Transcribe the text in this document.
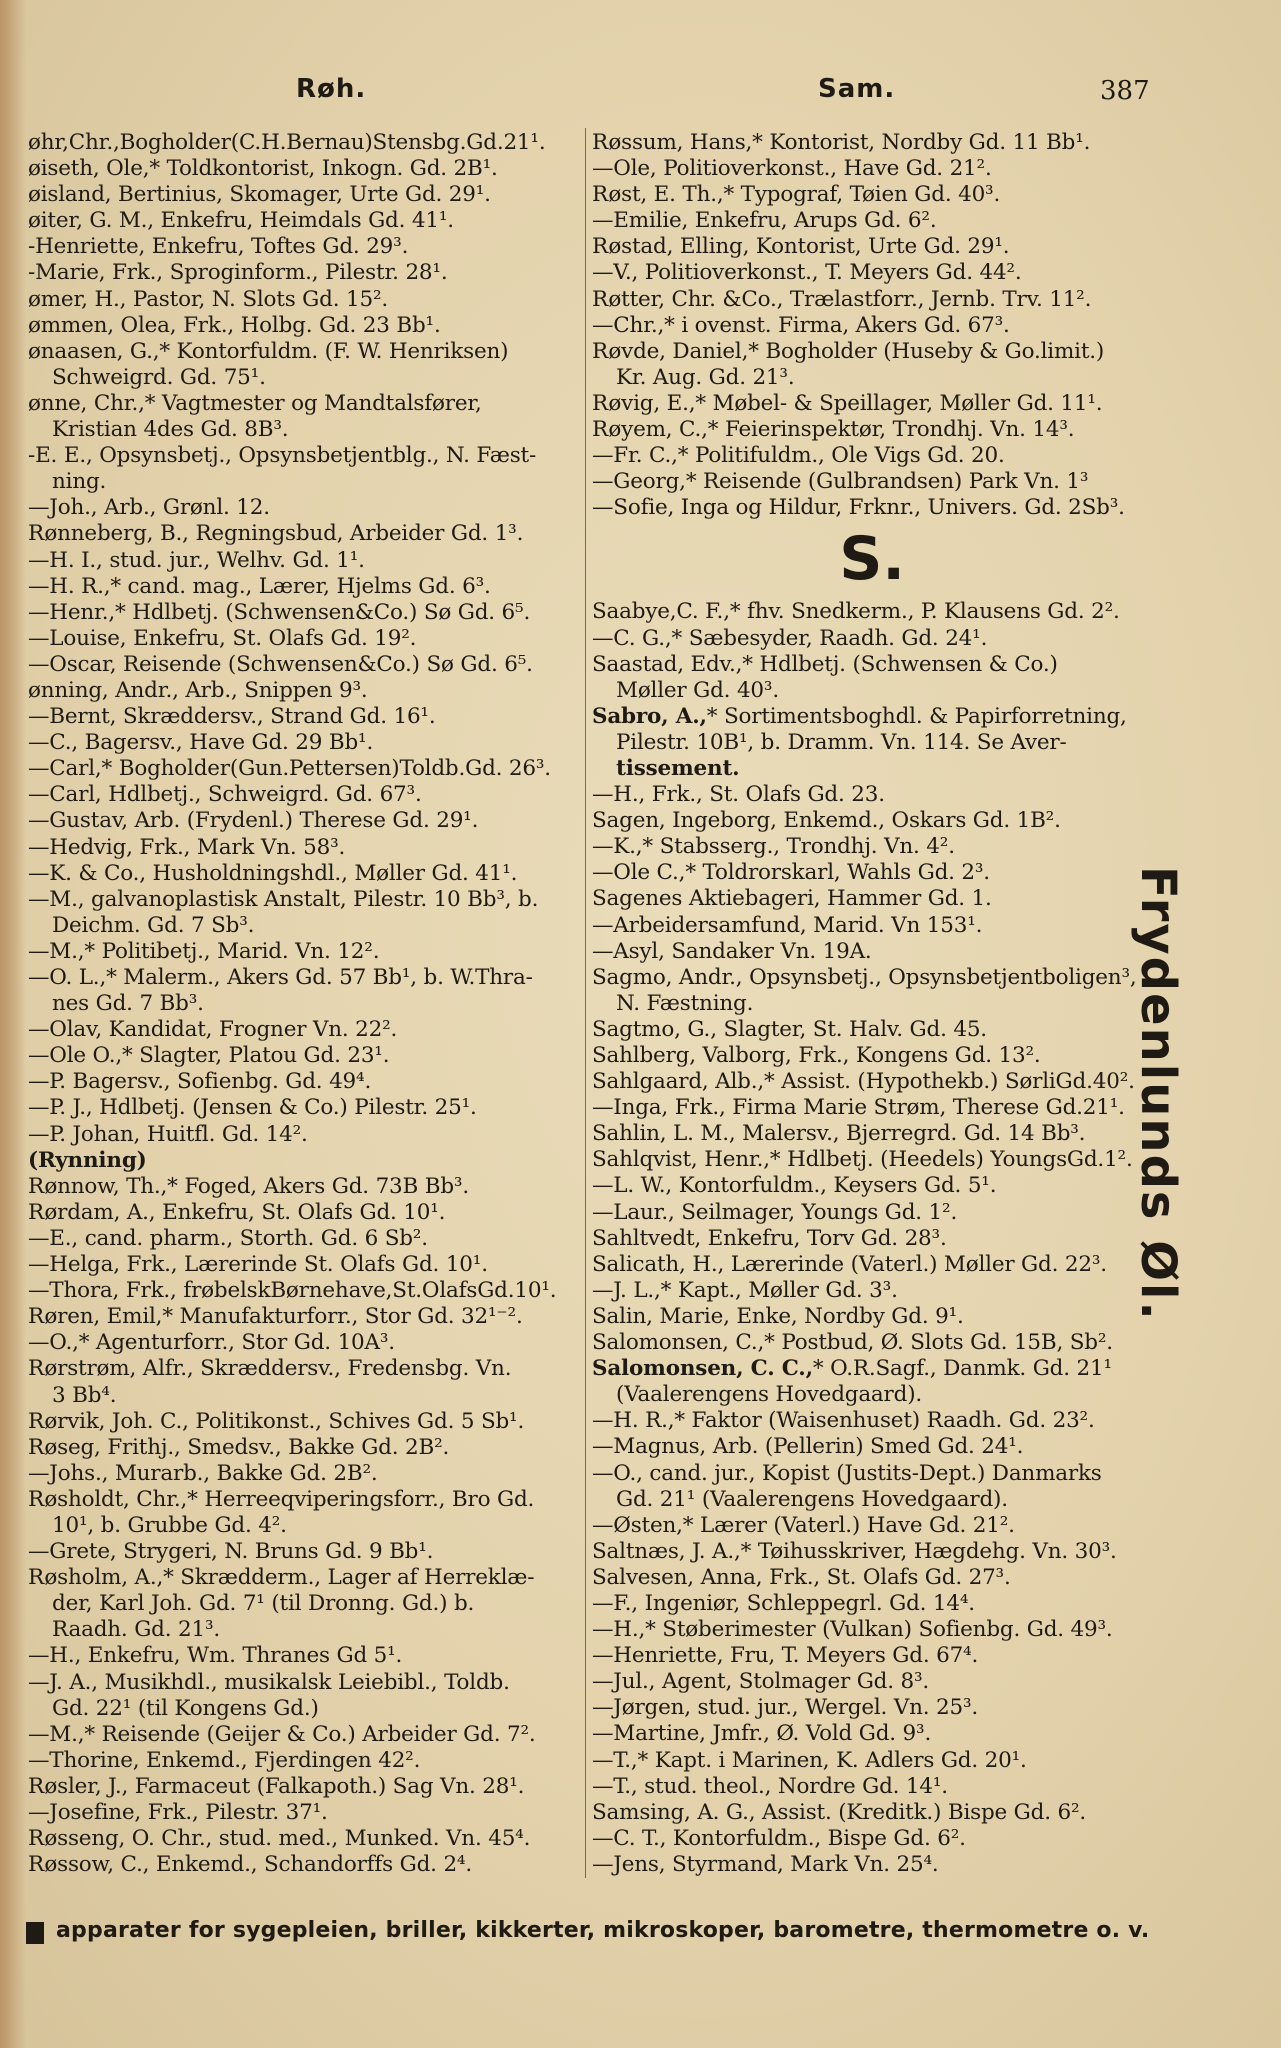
Røh.	Sam.	387
øhr,Chr.,Bogholder(C.H.Bernau)Stensbg.Gd.21¹.
øiseth, Ole,* Toldkontorist, Inkogn. Gd. 2B¹.
øisland, Bertinius, Skomager, Urte Gd. 29¹.
øiter, G. M., Enkefru, Heimdals Gd. 41¹.
-Henriette, Enkefru, Toftes Gd. 29³.
-Marie, Frk., Sproginform., Pilestr. 28¹.
ømer, H., Pastor, N. Slots Gd. 15².
ømmen, Olea, Frk., Holbg. Gd. 23 Bb¹.
ønaasen, G.,* Kontorfuldm. (F. W. Henriksen)
Schweigrd. Gd. 75¹.
ønne, Chr.,* Vagtmester og Mandtalsfører,
Kristian 4des Gd. 8B³.
-E. E., Opsynsbetj., Opsynsbetjentblg., N. Fæst-
ning.
—Joh., Arb., Grønl. 12.
Rønneberg, B., Regningsbud, Arbeider Gd. 1³.
—H. I., stud. jur., Welhv. Gd. 1¹.
—H. R.,* cand. mag., Lærer, Hjelms Gd. 6³.
—Henr.,* Hdlbetj. (Schwensen&Co.) Sø Gd. 6⁵.
—Louise, Enkefru, St. Olafs Gd. 19².
—Oscar, Reisende (Schwensen&Co.) Sø Gd. 6⁵.
ønning, Andr., Arb., Snippen 9³.
—Bernt, Skræddersv., Strand Gd. 16¹.
—C., Bagersv., Have Gd. 29 Bb¹.
—Carl,* Bogholder(Gun.Pettersen)Toldb.Gd. 26³.
—Carl, Hdlbetj., Schweigrd. Gd. 67³.
—Gustav, Arb. (Frydenl.) Therese Gd. 29¹.
—Hedvig, Frk., Mark Vn. 58³.
—K. & Co., Husholdningshdl., Møller Gd. 41¹.
—M., galvanoplastisk Anstalt, Pilestr. 10 Bb³, b.
Deichm. Gd. 7 Sb³.
—M.,* Politibetj., Marid. Vn. 12².
—O. L.,* Malerm., Akers Gd. 57 Bb¹, b. W.Thra-
nes Gd. 7 Bb³.
—Olav, Kandidat, Frogner Vn. 22².
—Ole O.,* Slagter, Platou Gd. 23¹.
—P. Bagersv., Sofienbg. Gd. 49⁴.
—P. J., Hdlbetj. (Jensen & Co.) Pilestr. 25¹.
—P. Johan, Huitfl. Gd. 14².
(Rynning)
Rønnow, Th.,* Foged, Akers Gd. 73B Bb³.
Rørdam, A., Enkefru, St. Olafs Gd. 10¹.
—E., cand. pharm., Storth. Gd. 6 Sb².
—Helga, Frk., Lærerinde St. Olafs Gd. 10¹.
—Thora, Frk., frøbelskBørnehave,St.OlafsGd.10¹.
Røren, Emil,* Manufakturforr., Stor Gd. 32¹⁻².
—O.,* Agenturforr., Stor Gd. 10A³.
Rørstrøm, Alfr., Skræddersv., Fredensbg. Vn.
3 Bb⁴.
Rørvik, Joh. C., Politikonst., Schives Gd. 5 Sb¹.
Røseg, Frithj., Smedsv., Bakke Gd. 2B².
—Johs., Murarb., Bakke Gd. 2B².
Røsholdt, Chr.,* Herreeqviperingsforr., Bro Gd.
10¹, b. Grubbe Gd. 4².
—Grete, Strygeri, N. Bruns Gd. 9 Bb¹.
Røsholm, A.,* Skrædderm., Lager af Herreklæ-
der, Karl Joh. Gd. 7¹ (til Dronng. Gd.) b.
Raadh. Gd. 21³.
—H., Enkefru, Wm. Thranes Gd 5¹.
—J. A., Musikhdl., musikalsk Leiebibl., Toldb.
Gd. 22¹ (til Kongens Gd.)
—M.,* Reisende (Geijer & Co.) Arbeider Gd. 7².
—Thorine, Enkemd., Fjerdingen 42².
Røsler, J., Farmaceut (Falkapoth.) Sag Vn. 28¹.
—Josefine, Frk., Pilestr. 37¹.
Røsseng, O. Chr., stud. med., Munked. Vn. 45⁴.
Røssow, C., Enkemd., Schandorffs Gd. 2⁴.
Røssum, Hans,* Kontorist, Nordby Gd. 11 Bb¹.
—Ole, Politioverkonst., Have Gd. 21².
Røst, E. Th.,* Typograf, Tøien Gd. 40³.
—Emilie, Enkefru, Arups Gd. 6².
Røstad, Elling, Kontorist, Urte Gd. 29¹.
—V., Politioverkonst., T. Meyers Gd. 44².
Røtter, Chr. &Co., Trælastforr., Jernb. Trv. 11².
—Chr.,* i ovenst. Firma, Akers Gd. 67³.
Røvde, Daniel,* Bogholder (Huseby & Go.limit.)
Kr. Aug. Gd. 21³.
Røvig, E.,* Møbel- & Speillager, Møller Gd. 11¹.
Røyem, C.,* Feierinspektør, Trondhj. Vn. 14³.
—Fr. C.,* Politifuldm., Ole Vigs Gd. 20.
—Georg,* Reisende (Gulbrandsen) Park Vn. 1³
—Sofie, Inga og Hildur, Frknr., Univers. Gd. 2Sb³.
S.
Saabye,C. F.,* fhv. Snedkerm., P. Klausens Gd. 2².
—C. G.,* Sæbesyder, Raadh. Gd. 24¹.
Saastad, Edv.,* Hdlbetj. (Schwensen & Co.)
Møller Gd. 40³.
Sabro, A.,* Sortimentsboghdl. & Papirforretning,
Pilestr. 10B¹, b. Dramm. Vn. 114. Se Aver-
tissement.
—H., Frk., St. Olafs Gd. 23.
Sagen, Ingeborg, Enkemd., Oskars Gd. 1B².
—K.,* Stabsserg., Trondhj. Vn. 4².
—Ole C.,* Toldrorskarl, Wahls Gd. 2³.
Sagenes Aktiebageri, Hammer Gd. 1.
—Arbeidersamfund, Marid. Vn 153¹.
—Asyl, Sandaker Vn. 19A.
Sagmo, Andr., Opsynsbetj., Opsynsbetjentboligen³,
N. Fæstning.
Sagtmo, G., Slagter, St. Halv. Gd. 45.
Sahlberg, Valborg, Frk., Kongens Gd. 13².
Sahlgaard, Alb.,* Assist. (Hypothekb.) SørliGd.40².
—Inga, Frk., Firma Marie Strøm, Therese Gd.21¹.
Sahlin, L. M., Malersv., Bjerregrd. Gd. 14 Bb³.
Sahlqvist, Henr.,* Hdlbetj. (Heedels) YoungsGd.1².
—L. W., Kontorfuldm., Keysers Gd. 5¹.
—Laur., Seilmager, Youngs Gd. 1².
Sahltvedt, Enkefru, Torv Gd. 28³.
Salicath, H., Lærerinde (Vaterl.) Møller Gd. 22³.
—J. L.,* Kapt., Møller Gd. 3³.
Salin, Marie, Enke, Nordby Gd. 9¹.
Salomonsen, C.,* Postbud, Ø. Slots Gd. 15B, Sb².
Salomonsen, C. C.,* O.R.Sagf., Danmk. Gd. 21¹
(Vaalerengens Hovedgaard).
—H. R.,* Faktor (Waisenhuset) Raadh. Gd. 23².
—Magnus, Arb. (Pellerin) Smed Gd. 24¹.
—O., cand. jur., Kopist (Justits-Dept.) Danmarks
Gd. 21¹ (Vaalerengens Hovedgaard).
—Østen,* Lærer (Vaterl.) Have Gd. 21².
Saltnæs, J. A.,* Tøihusskriver, Hægdehg. Vn. 30³.
Salvesen, Anna, Frk., St. Olafs Gd. 27³.
—F., Ingeniør, Schleppegrl. Gd. 14⁴.
—H.,* Støberimester (Vulkan) Sofienbg. Gd. 49³.
—Henriette, Fru, T. Meyers Gd. 67⁴.
—Jul., Agent, Stolmager Gd. 8³.
—Jørgen, stud. jur., Wergel. Vn. 25³.
—Martine, Jmfr., Ø. Vold Gd. 9³.
—T.,* Kapt. i Marinen, K. Adlers Gd. 20¹.
—T., stud. theol., Nordre Gd. 14¹.
Samsing, A. G., Assist. (Kreditk.) Bispe Gd. 6².
—C. T., Kontorfuldm., Bispe Gd. 6².
—Jens, Styrmand, Mark Vn. 25⁴.
Frydenlunds Øl.
apparater for sygepleien, briller, kikkerter, mikroskoper, barometre, thermometre o. v.
